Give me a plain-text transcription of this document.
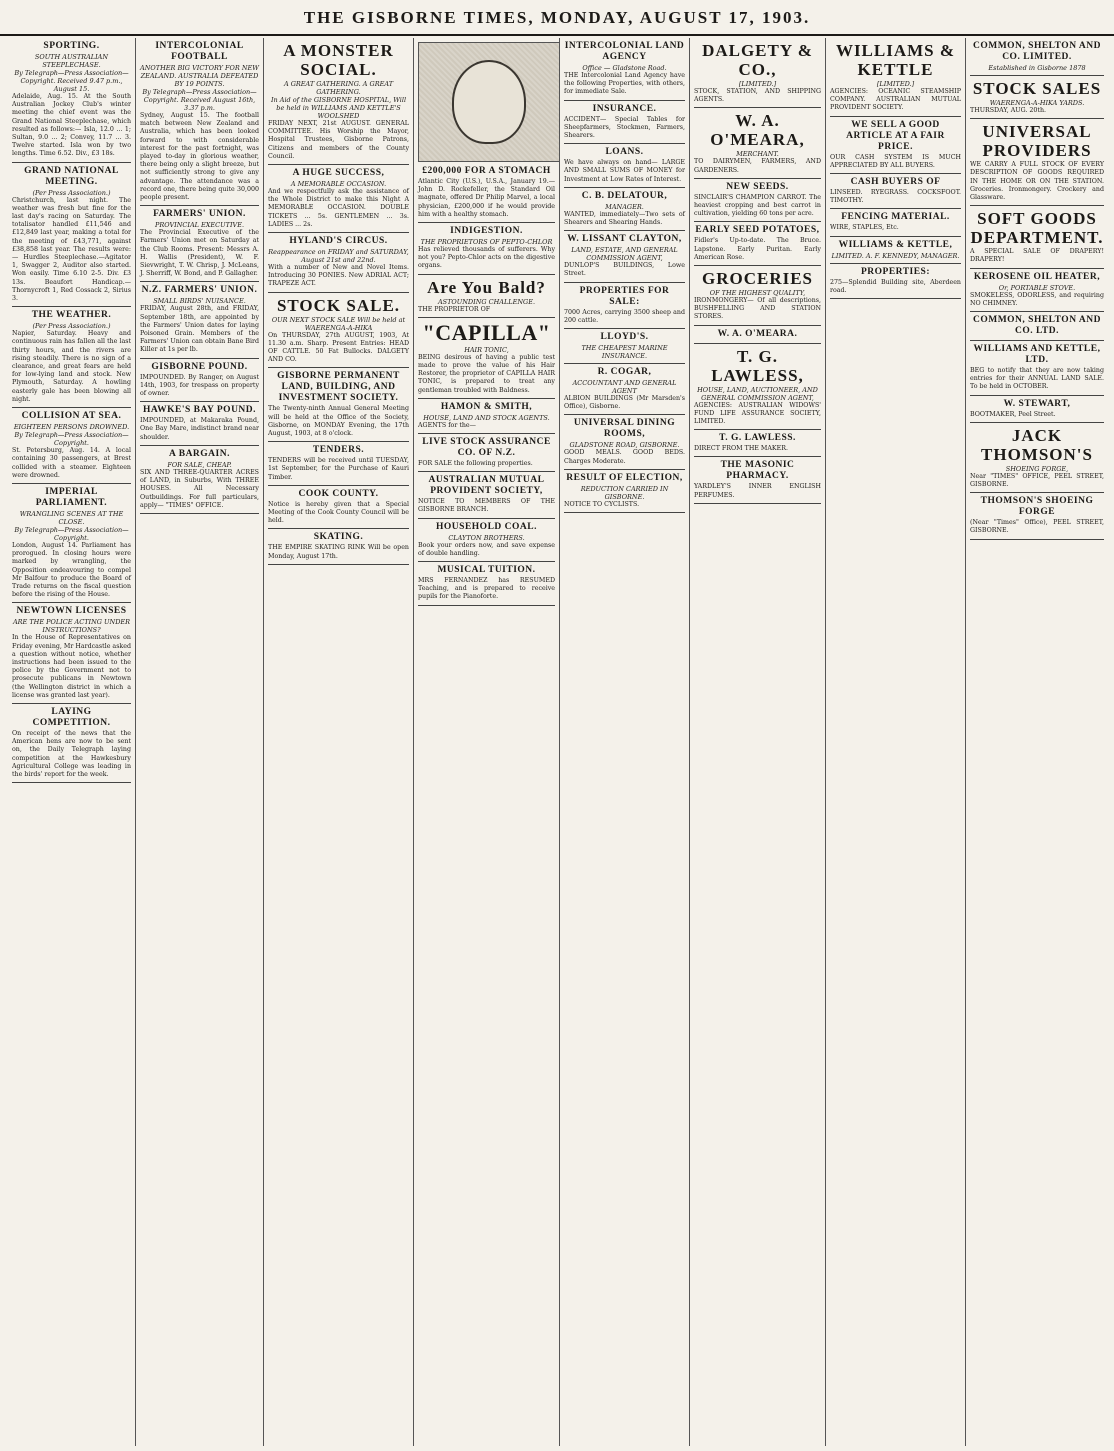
THE GISBORNE TIMES, MONDAY, AUGUST 17, 1903.
SPORTING.
SOUTH AUSTRALIAN STEEPLECHASE.
By Telegraph—Press Association—Copyright. Received 9.47 p.m., August 15.
Adelaide, Aug. 15. At the South Australian Jockey Club's winter meeting the chief event was the Grand National Steeplechase, which resulted as follows:— Isla, 12.0 ... 1; Sultan, 9.0 ... 2; Convey, 11.7 ... 3. Twelve started. Isla won by two lengths. Time 6.52. Div., £3 18s.
GRAND NATIONAL MEETING.
(Per Press Association.)
Christchurch, last night. The weather was fresh but fine for the last day's racing on Saturday. The totalisator handled £11,546 and £12,849 last year, making a total for the meeting of £43,771, against £38,858 last year. The results were:— Hurdles Steeplechase.—Agitator 1, Swagger 2, Auditor also started. Won easily. Time 6.10 2-5. Div. £3 13s. Beaufort Handicap.—Thornycroft 1, Red Cossack 2, Sirius 3.
THE WEATHER.
(Per Press Association.)
Napier, Saturday. Heavy and continuous rain has fallen all the last thirty hours, and the rivers are rising steadily. There is no sign of a clearance, and great fears are held for low-lying land and stock. New Plymouth, Saturday. A howling easterly gale has been blowing all night.
COLLISION AT SEA.
EIGHTEEN PERSONS DROWNED.
By Telegraph—Press Association—Copyright.
St. Petersburg, Aug. 14. A local containing 30 passengers, at Brest collided with a steamer. Eighteen were drowned.
IMPERIAL PARLIAMENT.
WRANGLING SCENES AT THE CLOSE.
By Telegraph—Press Association—Copyright.
London, August 14. Parliament has prorogued. In closing hours were marked by wrangling, the Opposition endeavouring to compel Mr Balfour to produce the Board of Trade returns on the fiscal question before the rising of the House.
NEWTOWN LICENSES
ARE THE POLICE ACTING UNDER INSTRUCTIONS?
In the House of Representatives on Friday evening, Mr Hardcastle asked a question without notice, whether instructions had been issued to the police by the Government not to prosecute publicans in Newtown (the Wellington district in which a license was granted last year).
LAYING COMPETITION.
On receipt of the news that the American hens are now to be sent on, the Daily Telegraph laying competition at the Hawkesbury Agricultural College was leading in the birds' report for the week.
INTERCOLONIAL FOOTBALL
ANOTHER BIG VICTORY FOR NEW ZEALAND. AUSTRALIA DEFEATED BY 19 POINTS.
By Telegraph—Press Association—Copyright. Received August 16th, 3.37 p.m.
Sydney, August 15. The football match between New Zealand and Australia, which has been looked forward to with considerable interest for the past fortnight, was played to-day in glorious weather, there being only a slight breeze, but not sufficiently strong to give any advantage. The attendance was a record one, there being quite 30,000 people present.
FARMERS' UNION.
PROVINCIAL EXECUTIVE.
The Provincial Executive of the Farmers' Union met on Saturday at the Club Rooms. Present: Messrs A. H. Wallis (President), W. F. Sievwright, T. W. Chrisp, J. McLeans, J. Sherriff, W. Bond, and P. Gallagher.
N.Z. FARMERS' UNION.
SMALL BIRDS' NUISANCE.
FRIDAY, August 28th, and FRIDAY, September 18th, are appointed by the Farmers' Union dates for laying Poisoned Grain. Members of the Farmers' Union can obtain Bane Bird Killer at 1s per lb.
GISBORNE POUND.
IMPOUNDED. By Ranger, on August 14th, 1903, for trespass on property of owner.
HAWKE'S BAY POUND.
IMPOUNDED, at Makaraka Pound, One Bay Mare, indistinct brand near shoulder.
A BARGAIN.
FOR SALE, CHEAP.
SIX AND THREE-QUARTER ACRES of LAND, in Suburbs, With THREE HOUSES. All Necessary Outbuildings. For full particulars, apply— "TIMES" OFFICE.
A MONSTER SOCIAL.
A GREAT GATHERING. A GREAT GATHERING.
In Aid of the GISBORNE HOSPITAL, Will be held in WILLIAMS AND KETTLE'S WOOLSHED
FRIDAY NEXT, 21st AUGUST. GENERAL COMMITTEE. His Worship the Mayor, Hospital Trustees, Gisborne Patrons, Citizens and members of the County Council.
A HUGE SUCCESS,
A MEMORABLE OCCASION.
And we respectfully ask the assistance of the Whole District to make this Night A MEMORABLE OCCASION. DOUBLE TICKETS ... 5s. GENTLEMEN ... 3s. LADIES ... 2s.
HYLAND'S CIRCUS.
Reappearance on FRIDAY and SATURDAY, August 21st and 22nd.
With a number of New and Novel Items. Introducing 30 PONIES. New ADRIAL ACT; TRAPEZE ACT.
STOCK SALE.
OUR NEXT STOCK SALE Will be held at WAERENGA-A-HIKA
On THURSDAY, 27th AUGUST, 1903, At 11.30 a.m. Sharp. Present Entries: HEAD OF CATTLE. 50 Fat Bullocks. DALGETY AND CO.
GISBORNE PERMANENT LAND, BUILDING, AND INVESTMENT SOCIETY.
The Twenty-ninth Annual General Meeting will be held at the Office of the Society, Gisborne, on MONDAY Evening, the 17th August, 1903, at 8 o'clock.
TENDERS.
TENDERS will be received until TUESDAY, 1st September, for the Purchase of Kauri Timber.
COOK COUNTY.
Notice is hereby given that a Special Meeting of the Cook County Council will be held.
SKATING.
THE EMPIRE SKATING RINK Will be open Monday, August 17th.
£200,000 FOR A STOMACH
Atlantic City (U.S.), U.S.A., January 19.—John D. Rockefeller, the Standard Oil magnate, offered Dr Philip Marvel, a local physician, £200,000 if he would provide him with a healthy stomach.
INDIGESTION.
THE PROPRIETORS OF PEPTO-CHLOR
Has relieved thousands of sufferers. Why not you? Pepto-Chlor acts on the digestive organs.
Are You Bald?
ASTOUNDING CHALLENGE.
THE PROPRIETOR OF
"CAPILLA"
HAIR TONIC,
BEING desirous of having a public test made to prove the value of his Hair Restorer, the proprietor of CAPILLA HAIR TONIC, is prepared to treat any gentleman troubled with Baldness.
HAMON & SMITH,
HOUSE, LAND AND STOCK AGENTS.
AGENTS for the—
LIVE STOCK ASSURANCE CO. OF N.Z.
FOR SALE the following properties.
AUSTRALIAN MUTUAL PROVIDENT SOCIETY,
NOTICE TO MEMBERS OF THE GISBORNE BRANCH.
HOUSEHOLD COAL.
CLAYTON BROTHERS.
Book your orders now, and save expense of double handling.
MUSICAL TUITION.
MRS FERNANDEZ has RESUMED Teaching, and is prepared to receive pupils for the Pianoforte.
INTERCOLONIAL LAND AGENCY
Office — Gladstone Road.
THE Intercolonial Land Agency have the following Properties, with others, for immediate Sale.
INSURANCE.
ACCIDENT— Special Tables for Sheepfarmers, Stockmen, Farmers, Shearers.
LOANS.
We have always on hand— LARGE AND SMALL SUMS OF MONEY for Investment at Low Rates of Interest.
C. B. DELATOUR,
MANAGER.
WANTED, immediately—Two sets of Shearers and Shearing Hands.
W. LISSANT CLAYTON,
LAND, ESTATE, AND GENERAL COMMISSION AGENT,
DUNLOP'S BUILDINGS, Lowe Street.
PROPERTIES FOR SALE:
7000 Acres, carrying 3500 sheep and 200 cattle.
LLOYD'S.
THE CHEAPEST MARINE INSURANCE.
R. COGAR,
ACCOUNTANT AND GENERAL AGENT
ALBION BUILDINGS (Mr Marsden's Office), Gisborne.
UNIVERSAL DINING ROOMS,
GLADSTONE ROAD, GISBORNE.
GOOD MEALS. GOOD BEDS. Charges Moderate.
RESULT OF ELECTION,
REDUCTION CARRIED IN GISBORNE.
NOTICE TO CYCLISTS.
DALGETY & CO.,
[LIMITED.]
STOCK, STATION, AND SHIPPING AGENTS.
W. A. O'MEARA,
MERCHANT.
TO DAIRYMEN, FARMERS, AND GARDENERS.
NEW SEEDS.
SINCLAIR'S CHAMPION CARROT. The heaviest cropping and best carrot in cultivation, yielding 60 tons per acre.
EARLY SEED POTATOES,
Fidler's Up-to-date. The Bruce. Lapstone. Early Puritan. Early American Rose.
GROCERIES
OF THE HIGHEST QUALITY,
IRONMONGERY— Of all descriptions, BUSHFELLING AND STATION STORES.
W. A. O'MEARA.
T. G. LAWLESS,
HOUSE, LAND, AUCTIONEER, AND GENERAL COMMISSION AGENT,
AGENCIES: AUSTRALIAN WIDOWS' FUND LIFE ASSURANCE SOCIETY, LIMITED.
T. G. LAWLESS.
DIRECT FROM THE MAKER.
THE MASONIC PHARMACY.
YARDLEY'S INNER ENGLISH PERFUMES.
WILLIAMS & KETTLE
[LIMITED.]
AGENCIES: OCEANIC STEAMSHIP COMPANY. AUSTRALIAN MUTUAL PROVIDENT SOCIETY.
WE SELL A GOOD ARTICLE AT A FAIR PRICE.
OUR CASH SYSTEM IS MUCH APPRECIATED BY ALL BUYERS.
CASH BUYERS OF
LINSEED. RYEGRASS. COCKSFOOT. TIMOTHY.
FENCING MATERIAL.
WIRE, STAPLES, Etc.
WILLIAMS & KETTLE,
LIMITED. A. F. KENNEDY, MANAGER.
PROPERTIES:
275—Splendid Building site, Aberdeen road.
COMMON, SHELTON AND CO. LIMITED.
Established in Gisborne 1878
STOCK SALES
WAERENGA-A-HIKA YARDS.
THURSDAY, AUG. 20th.
UNIVERSAL PROVIDERS
WE CARRY A FULL STOCK OF EVERY DESCRIPTION OF GOODS REQUIRED IN THE HOME OR ON THE STATION. Groceries. Ironmongery. Crockery and Glassware.
SOFT GOODS DEPARTMENT.
A SPECIAL SALE OF DRAPERY! DRAPERY!
KEROSENE OIL HEATER,
Or, PORTABLE STOVE.
SMOKELESS, ODORLESS, and requiring NO CHIMNEY.
COMMON, SHELTON AND CO. LTD.
WILLIAMS AND KETTLE, LTD.
BEG to notify that they are now taking entries for their ANNUAL LAND SALE. To be held in OCTOBER.
W. STEWART,
BOOTMAKER, Peel Street.
JACK THOMSON'S
SHOEING FORGE,
Near "TIMES" OFFICE, PEEL STREET, GISBORNE.
THOMSON'S SHOEING FORGE
(Near "Times" Office), PEEL STREET, GISBORNE.
